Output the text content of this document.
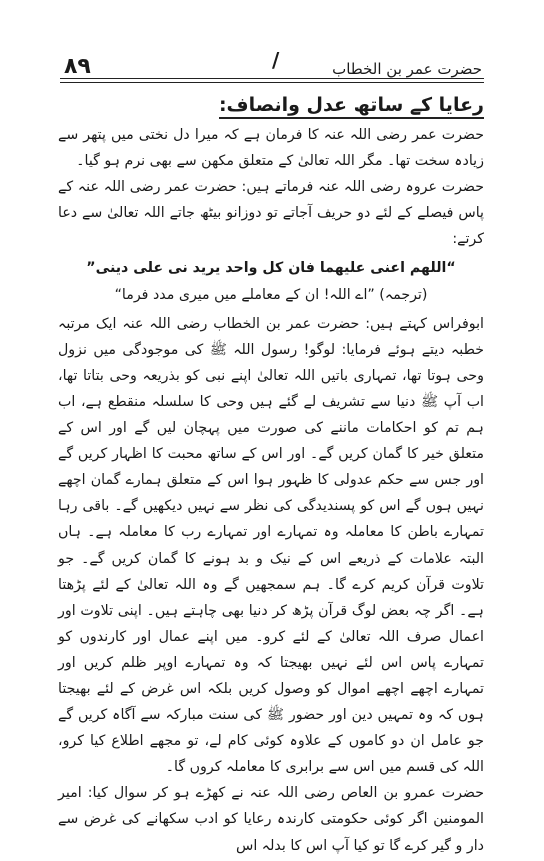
۸۹	/	حضرت عمر بن الخطاب

رعایا کے ساتھ عدل وانصاف:

حضرت عمر رضی اللہ عنہ کا فرمان ہے کہ میرا دل نختی میں پتھر سے زیادہ سخت تھا۔ مگر اللہ تعالیٰ کے متعلق مکھن سے بھی نرم ہو گیا۔

حضرت عروہ رضی اللہ عنہ فرماتے ہیں: حضرت عمر رضی اللہ عنہ کے پاس فیصلے کے لئے دو حریف آجاتے تو دوزانو بیٹھ جاتے اللہ تعالیٰ سے دعا کرتے:

“اللھم اعنی علیھما فان کل واحد یرید نی علی دینی”

(ترجمہ) ”اے اللہ! ان کے معاملے میں میری مدد فرما“

ابوفراس کہتے ہیں: حضرت عمر بن الخطاب رضی اللہ عنہ ایک مرتبہ خطبہ دیتے ہوئے فرمایا: لوگو! رسول اللہ ﷺ کی موجودگی میں نزول وحی ہوتا تھا، تمہاری باتیں اللہ تعالیٰ اپنے نبی کو بذریعہ وحی بتاتا تھا، اب آپ ﷺ دنیا سے تشریف لے گئے ہیں وحی کا سلسلہ منقطع ہے، اب ہم تم کو احکامات ماننے کی صورت میں پہچان لیں گے اور اس کے متعلق خیر کا گمان کریں گے۔ اور اس کے ساتھ محبت کا اظہار کریں گے اور جس سے حکم عدولی کا ظہور ہوا اس کے متعلق ہمارے گمان اچھے نہیں ہوں گے اس کو پسندیدگی کی نظر سے نہیں دیکھیں گے۔ باقی رہا تمہارے باطن کا معاملہ وہ تمہارے اور تمہارے رب کا معاملہ ہے۔ ہاں البتہ علامات کے ذریعے اس کے نیک و بد ہونے کا گمان کریں گے۔ جو تلاوت قرآن کریم کرے گا۔ ہم سمجھیں گے وہ اللہ تعالیٰ کے لئے پڑھتا ہے۔ اگر چہ بعض لوگ قرآن پڑھ کر دنیا بھی چاہتے ہیں۔ اپنی تلاوت اور اعمال صرف اللہ تعالیٰ کے لئے کرو۔ میں اپنے عمال اور کارندوں کو تمہارے پاس اس لئے نہیں بھیجتا کہ وہ تمہارے اوپر ظلم کریں اور تمہارے اچھے اچھے اموال کو وصول کریں بلکہ اس غرض کے لئے بھیجتا ہوں کہ وہ تمہیں دین اور حضور ﷺ کی سنت مبارکہ سے آگاہ کریں گے جو عامل ان دو کاموں کے علاوہ کوئی کام لے، تو مجھے اطلاع کیا کرو، اللہ کی قسم میں اس سے برابری کا معاملہ کروں گا۔

حضرت عمرو بن العاص رضی اللہ عنہ نے کھڑے ہو کر سوال کیا: امیر المومنین اگر کوئی حکومتی کارندہ رعایا کو ادب سکھانے کی غرض سے دار و گیر کرے گا تو کیا آپ اس کا بدلہ اس
